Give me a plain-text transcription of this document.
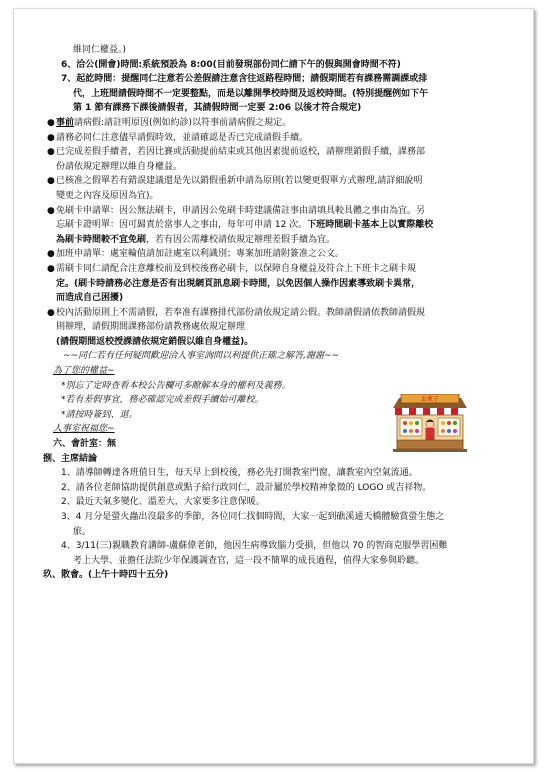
維同仁權益。)
6、洽公(開會)時間:系統預設為 8:00(目前發現部份同仁請下午的假與開會時間不符)
7、起訖時間：提醒同仁注意若公差假請注意含往返路程時間；請假期間若有課務需調課或排
代，上班間請假時間不一定要整點，而是以離開學校時間及返校時間。(特別提醒例如下午
第 1 節有課務下課後請假者，其請假時間一定要 2:06 以後才符合規定)
●事前請病假:請註明原因(例如約診)以符事前請病假之規定。
●請務必同仁注意儘早請假時效，並請確認是否已完成請假手續。
●已完成差假手續者，若因比賽或活動提前結束或其他因素提前返校，請辦理銷假手續，課務部
份請依規定辦理以維自身權益。
●已核准之假單若有錯誤建議還是先以銷假重新申請為原則(若以變更假單方式辦理,請詳細說明
變更之內容及原因為宜)。
●免刷卡申請單：因公無法刷卡，申請因公免刷卡時建議備註事由請填具較具體之事由為宜。另
忘刷卡證明單：因可歸責於當事人之事由，每年可申請 12 次。下班時間刷卡基本上以實際離校
為刷卡時間較不宜免刷，若有因公需離校請依規定辦理差假手續為宜。
●加班申請單：處室輪值請加註處室以利識別；專案加班請附簽准之公文。
●需刷卡同仁請配合注意離校前及到校後務必刷卡，以保障自身權益及符合上下班卡之刷卡規
定。(刷卡時請務必注意是否有出現網頁訊息刷卡時間，以免因個人操作因素導致刷卡異常，
而造成自己困擾)
●校內活動原則上不需請假，若奉准有課務排代部份請依規定請公假。教師請假請依教師請假規
則辦理，請假期間課務部份請教務處依規定辦理
(請假期間返校授課請依規定銷假以維自身權益)。
~~同仁若有任何疑問歡迎洽人事室詢問以利提供正確之解答,謝謝~~
為了您的權益~
*別忘了定時查看本校公告欄可多瞭解本身的權利及義務。
*若有差假事宜，務必確認完成差假手續始可離校。
*請按時簽到、退。
人事室祝福您~
六、會計室：無
捌、主席結論
1、請導師轉達各班值日生，每天早上到校後，務必先打開教室門窗，讓教室內空氣流通。
2、請各位老師協助提供創意或點子給行政同仁，設計屬於學校精神象徵的 LOGO 或吉祥物。
2、最近天氣多變化、溫差大，大家要多注意保暖。
3、4 月分是螢火蟲出沒最多的季節，各位同仁找個時間，大家一起到礁溪通天橋體驗賞螢生態之
旅。
4、3/11(三)親職教育講師-盧蘇偉老師，他因生病導致腦力受損，但他以 70 的智商克服學習困難
考上大學、並擔任法院少年保護調查官，這一段不簡單的成長過程，值得大家參與聆聽。
玖、散會。(上午十時四十五分)
お菓子
